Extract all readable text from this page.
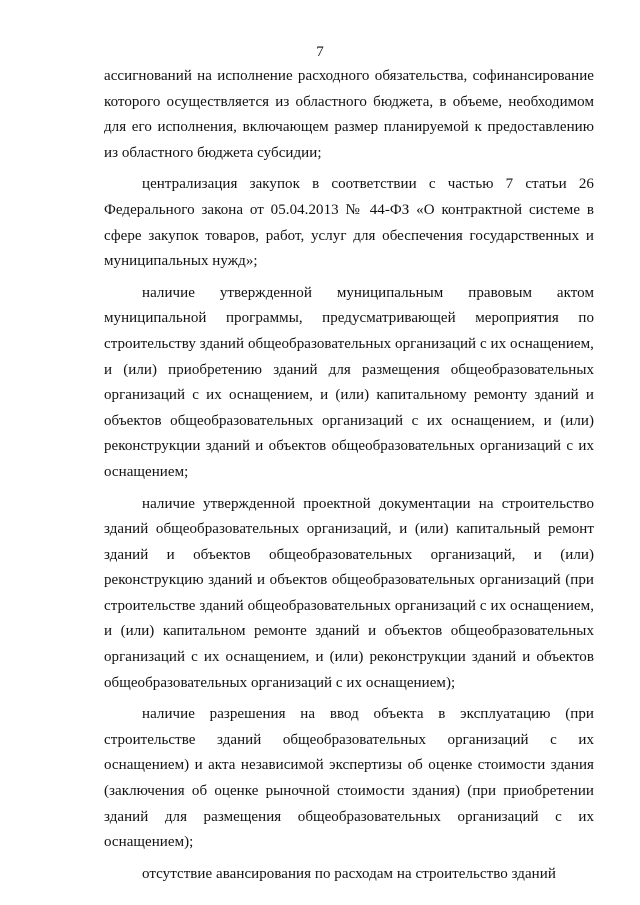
7

ассигнований на исполнение расходного обязательства, софинансирование которого осуществляется из областного бюджета, в объеме, необходимом для его исполнения, включающем размер планируемой к предоставлению из областного бюджета субсидии;

централизация закупок в соответствии с частью 7 статьи 26 Федерального закона от 05.04.2013 № 44-ФЗ «О контрактной системе в сфере закупок товаров, работ, услуг для обеспечения государственных и муниципальных нужд»;

наличие утвержденной муниципальным правовым актом муниципальной программы, предусматривающей мероприятия по строительству зданий общеобразовательных организаций с их оснащением, и (или) приобретению зданий для размещения общеобразовательных организаций с их оснащением, и (или) капитальному ремонту зданий и объектов общеобразовательных организаций с их оснащением, и (или) реконструкции зданий и объектов общеобразовательных организаций с их оснащением;

наличие утвержденной проектной документации на строительство зданий общеобразовательных организаций, и (или) капитальный ремонт зданий и объектов общеобразовательных организаций, и (или) реконструкцию зданий и объектов общеобразовательных организаций (при строительстве зданий общеобразовательных организаций с их оснащением, и (или) капитальном ремонте зданий и объектов общеобразовательных организаций с их оснащением, и (или) реконструкции зданий и объектов общеобразовательных организаций с их оснащением);

наличие разрешения на ввод объекта в эксплуатацию (при строительстве зданий общеобразовательных организаций с их оснащением) и акта независимой экспертизы об оценке стоимости здания (заключения об оценке рыночной стоимости здания) (при приобретении зданий для размещения общеобразовательных организаций с их оснащением);

отсутствие авансирования по расходам на строительство зданий
